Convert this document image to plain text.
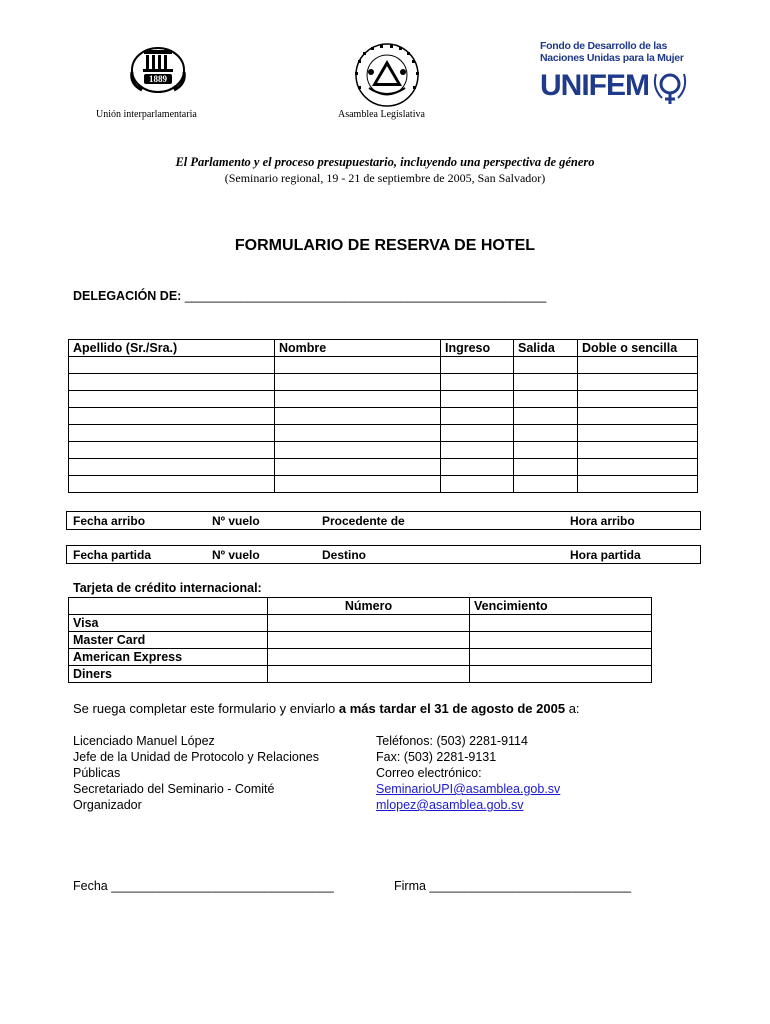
1889
Unión interparlamentaria	Asamblea Legislativa
Fondo de Desarrollo de las
Naciones Unidas para la Mujer
UNIFEM
El Parlamento y el proceso presupuestario, incluyendo una perspectiva de género
(Seminario regional, 19 - 21 de septiembre de 2005, San Salvador)
FORMULARIO DE RESERVA DE HOTEL
DELEGACIÓN DE: ____________________________________________________
Apellido (Sr./Sra.)	Nombre	Ingreso	Salida	Doble o sencilla

Fecha arribo	Nº vuelo	Procedente de	Hora arribo
Fecha partida	Nº vuelo	Destino	Hora partida
Tarjeta de crédito internacional:
	Número	Vencimiento
Visa		
Master Card		
American Express		
Diners		
Se ruega completar este formulario y enviarlo a más tardar el 31 de agosto de 2005 a:
Licenciado Manuel López
Jefe de la Unidad de Protocolo y Relaciones
Públicas
Secretariado del Seminario - Comité
Organizador
Teléfonos: (503) 2281-9114
Fax: (503) 2281-9131
Correo electrónico:
SeminarioUPI@asamblea.gob.sv
mlopez@asamblea.gob.sv
Fecha ________________________________	Firma _____________________________
